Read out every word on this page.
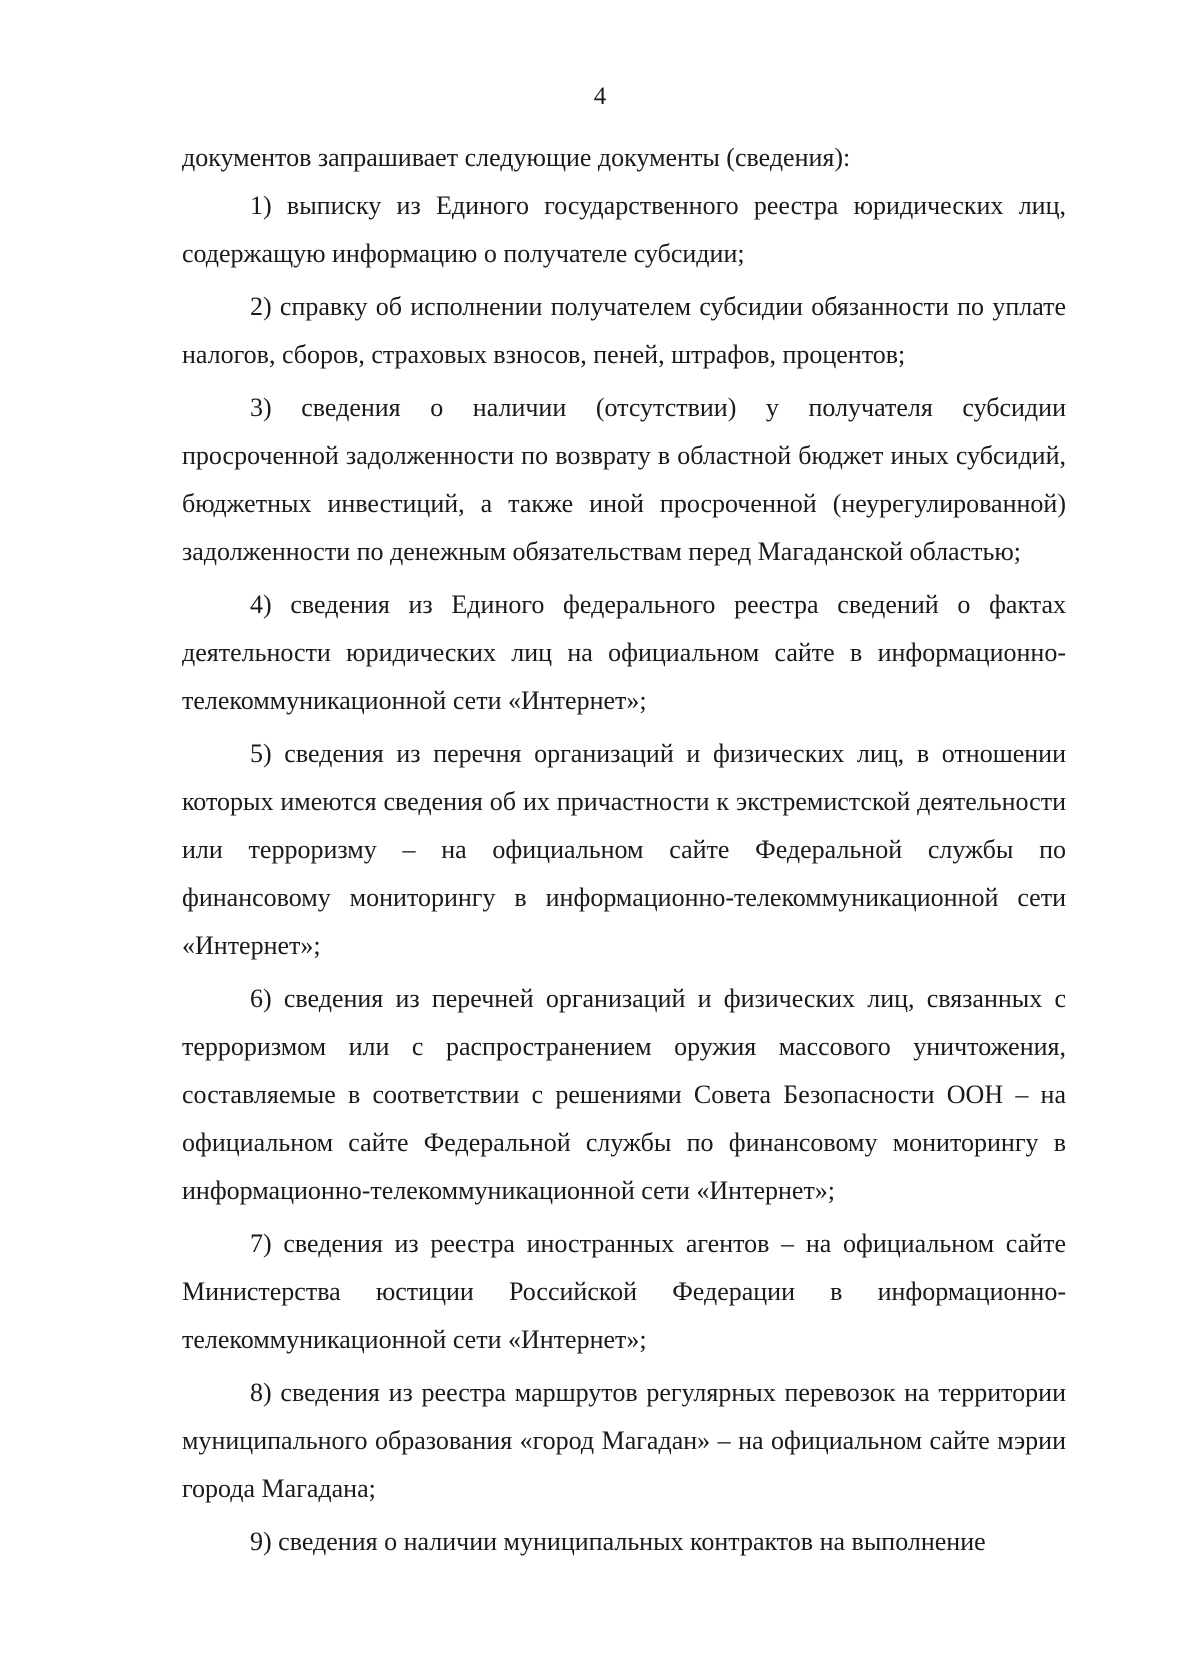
4

документов запрашивает следующие документы (сведения):

1) выписку из Единого государственного реестра юридических лиц, содержащую информацию о получателе субсидии;

2) справку об исполнении получателем субсидии обязанности по уплате налогов, сборов, страховых взносов, пеней, штрафов, процентов;

3) сведения о наличии (отсутствии) у получателя субсидии просроченной задолженности по возврату в областной бюджет иных субсидий, бюджетных инвестиций, а также иной просроченной (неурегулированной) задолженности по денежным обязательствам перед Магаданской областью;

4) сведения из Единого федерального реестра сведений о фактах деятельности юридических лиц на официальном сайте в информационно-телекоммуникационной сети «Интернет»;

5) сведения из перечня организаций и физических лиц, в отношении которых имеются сведения об их причастности к экстремистской деятельности или терроризму – на официальном сайте Федеральной службы по финансовому мониторингу в информационно-телекоммуникационной сети «Интернет»;

6) сведения из перечней организаций и физических лиц, связанных с терроризмом или с распространением оружия массового уничтожения, составляемые в соответствии с решениями Совета Безопасности ООН – на официальном сайте Федеральной службы по финансовому мониторингу в информационно-телекоммуникационной сети «Интернет»;

7) сведения из реестра иностранных агентов – на официальном сайте Министерства юстиции Российской Федерации в информационно-телекоммуникационной сети «Интернет»;

8) сведения из реестра маршрутов регулярных перевозок на территории муниципального образования «город Магадан» – на официальном сайте мэрии города Магадана;

9) сведения о наличии муниципальных контрактов на выполнение
